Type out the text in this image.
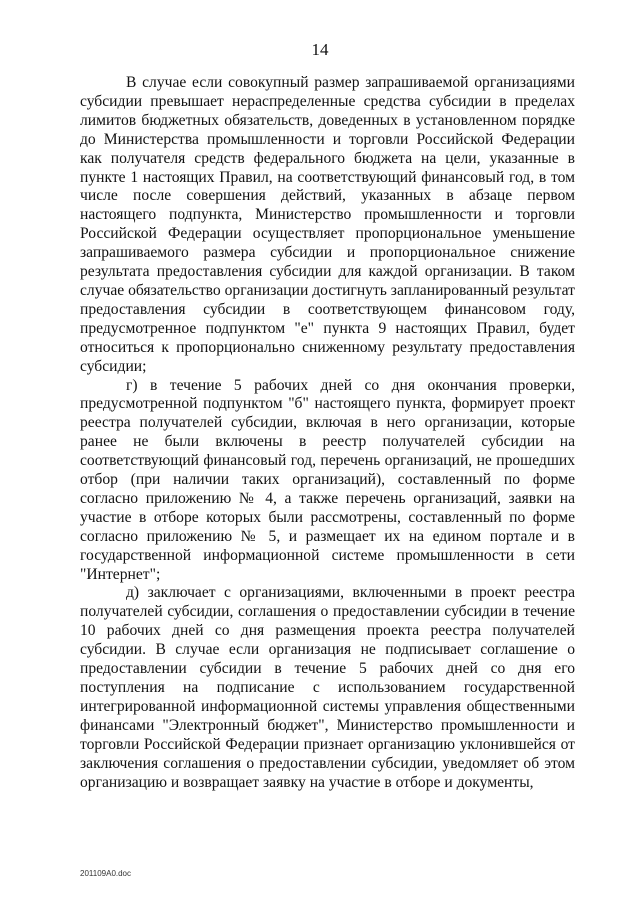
14

В случае если совокупный размер запрашиваемой организациями субсидии превышает нераспределенные средства субсидии в пределах лимитов бюджетных обязательств, доведенных в установленном порядке до Министерства промышленности и торговли Российской Федерации как получателя средств федерального бюджета на цели, указанные в пункте 1 настоящих Правил, на соответствующий финансовый год, в том числе после совершения действий, указанных в абзаце первом настоящего подпункта, Министерство промышленности и торговли Российской Федерации осуществляет пропорциональное уменьшение запрашиваемого размера субсидии и пропорциональное снижение результата предоставления субсидии для каждой организации. В таком случае обязательство организации достигнуть запланированный результат предоставления субсидии в соответствующем финансовом году, предусмотренное подпунктом "е" пункта 9 настоящих Правил, будет относиться к пропорционально сниженному результату предоставления субсидии;

г) в течение 5 рабочих дней со дня окончания проверки, предусмотренной подпунктом "б" настоящего пункта, формирует проект реестра получателей субсидии, включая в него организации, которые ранее не были включены в реестр получателей субсидии на соответствующий финансовый год, перечень организаций, не прошедших отбор (при наличии таких организаций), составленный по форме согласно приложению № 4, а также перечень организаций, заявки на участие в отборе которых были рассмотрены, составленный по форме согласно приложению № 5, и размещает их на едином портале и в государственной информационной системе промышленности в сети "Интернет";

д) заключает с организациями, включенными в проект реестра получателей субсидии, соглашения о предоставлении субсидии в течение 10 рабочих дней со дня размещения проекта реестра получателей субсидии. В случае если организация не подписывает соглашение о предоставлении субсидии в течение 5 рабочих дней со дня его поступления на подписание с использованием государственной интегрированной информационной системы управления общественными финансами "Электронный бюджет", Министерство промышленности и торговли Российской Федерации признает организацию уклонившейся от заключения соглашения о предоставлении субсидии, уведомляет об этом организацию и возвращает заявку на участие в отборе и документы,

201109A0.doc
